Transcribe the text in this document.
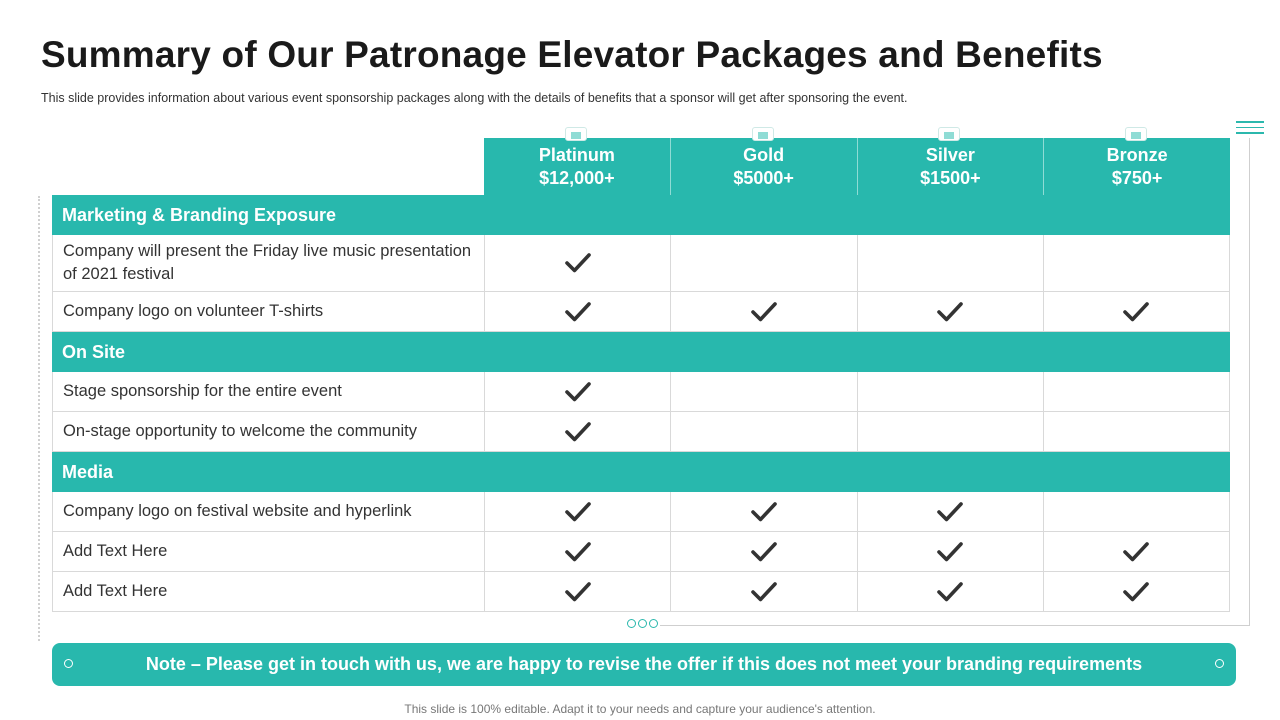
Summary of Our Patronage Elevator Packages and Benefits

This slide provides information about various event sponsorship packages along with the details of benefits that a sponsor will get after sponsoring the event.

Platinum
$12,000+
Gold
$5000+
Silver
$1500+
Bronze
$750+
Marketing & Branding Exposure
Company will present the Friday live music presentation of 2021 festival
Company logo on volunteer T-shirts
On Site
Stage sponsorship for the entire event
On-stage opportunity to welcome the community
Media
Company logo on festival website and hyperlink
Add Text Here
Add Text Here
Note – Please get in touch with us, we are happy to revise the offer if this does not meet your branding requirements
This slide is 100% editable. Adapt it to your needs and capture your audience's attention.
